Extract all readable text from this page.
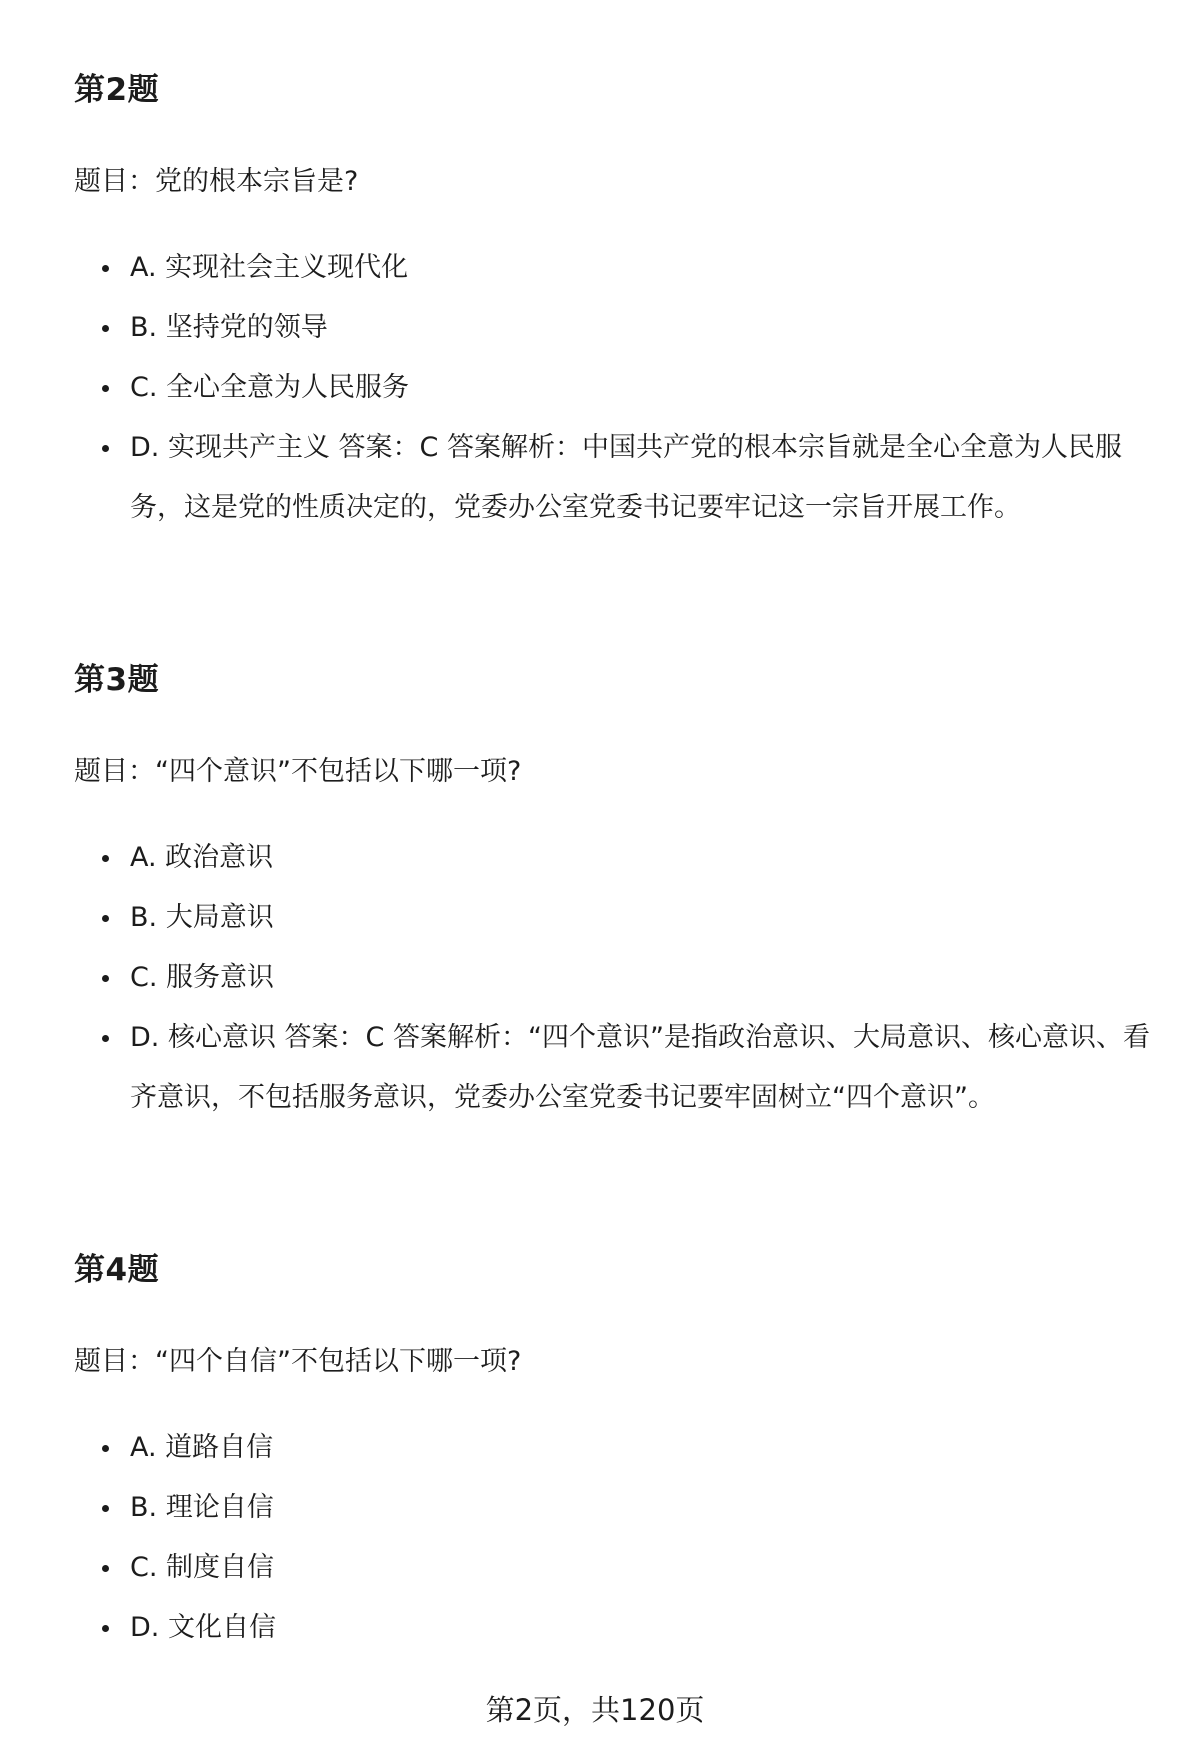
第2题

题目：党的根本宗旨是?

A. 实现社会主义现代化
B. 坚持党的领导
C. 全心全意为人民服务
D. 实现共产主义 答案：C 答案解析：中国共产党的根本宗旨就是全心全意为人民服务，这是党的性质决定的，党委办公室党委书记要牢记这一宗旨开展工作。
第3题

题目：“四个意识”不包括以下哪一项?

A. 政治意识
B. 大局意识
C. 服务意识
D. 核心意识 答案：C 答案解析：“四个意识”是指政治意识、大局意识、核心意识、看齐意识，不包括服务意识，党委办公室党委书记要牢固树立“四个意识”。
第4题

题目：“四个自信”不包括以下哪一项?

A. 道路自信
B. 理论自信
C. 制度自信
D. 文化自信
第2页，共120页
